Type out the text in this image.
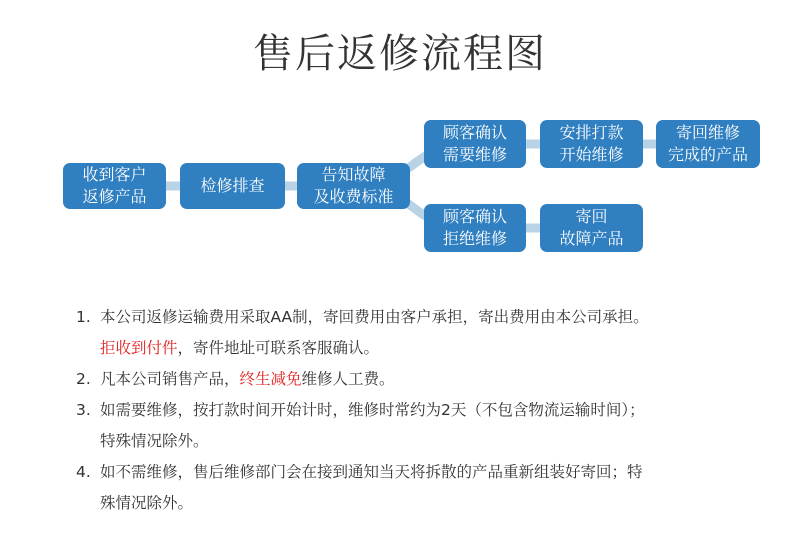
售后返修流程图
收到客户
返修产品
检修排查
告知故障
及收费标准
顾客确认
需要维修
安排打款
开始维修
寄回维修
完成的产品
顾客确认
拒绝维修
寄回
故障产品
1. 本公司返修运输费用采取AA制，寄回费用由客户承担，寄出费用由本公司承担。
拒收到付件，寄件地址可联系客服确认。
2. 凡本公司销售产品，终生减免维修人工费。
3. 如需要维修，按打款时间开始计时，维修时常约为2天（不包含物流运输时间）；
特殊情况除外。
4. 如不需维修，售后维修部门会在接到通知当天将拆散的产品重新组装好寄回；特
殊情况除外。
